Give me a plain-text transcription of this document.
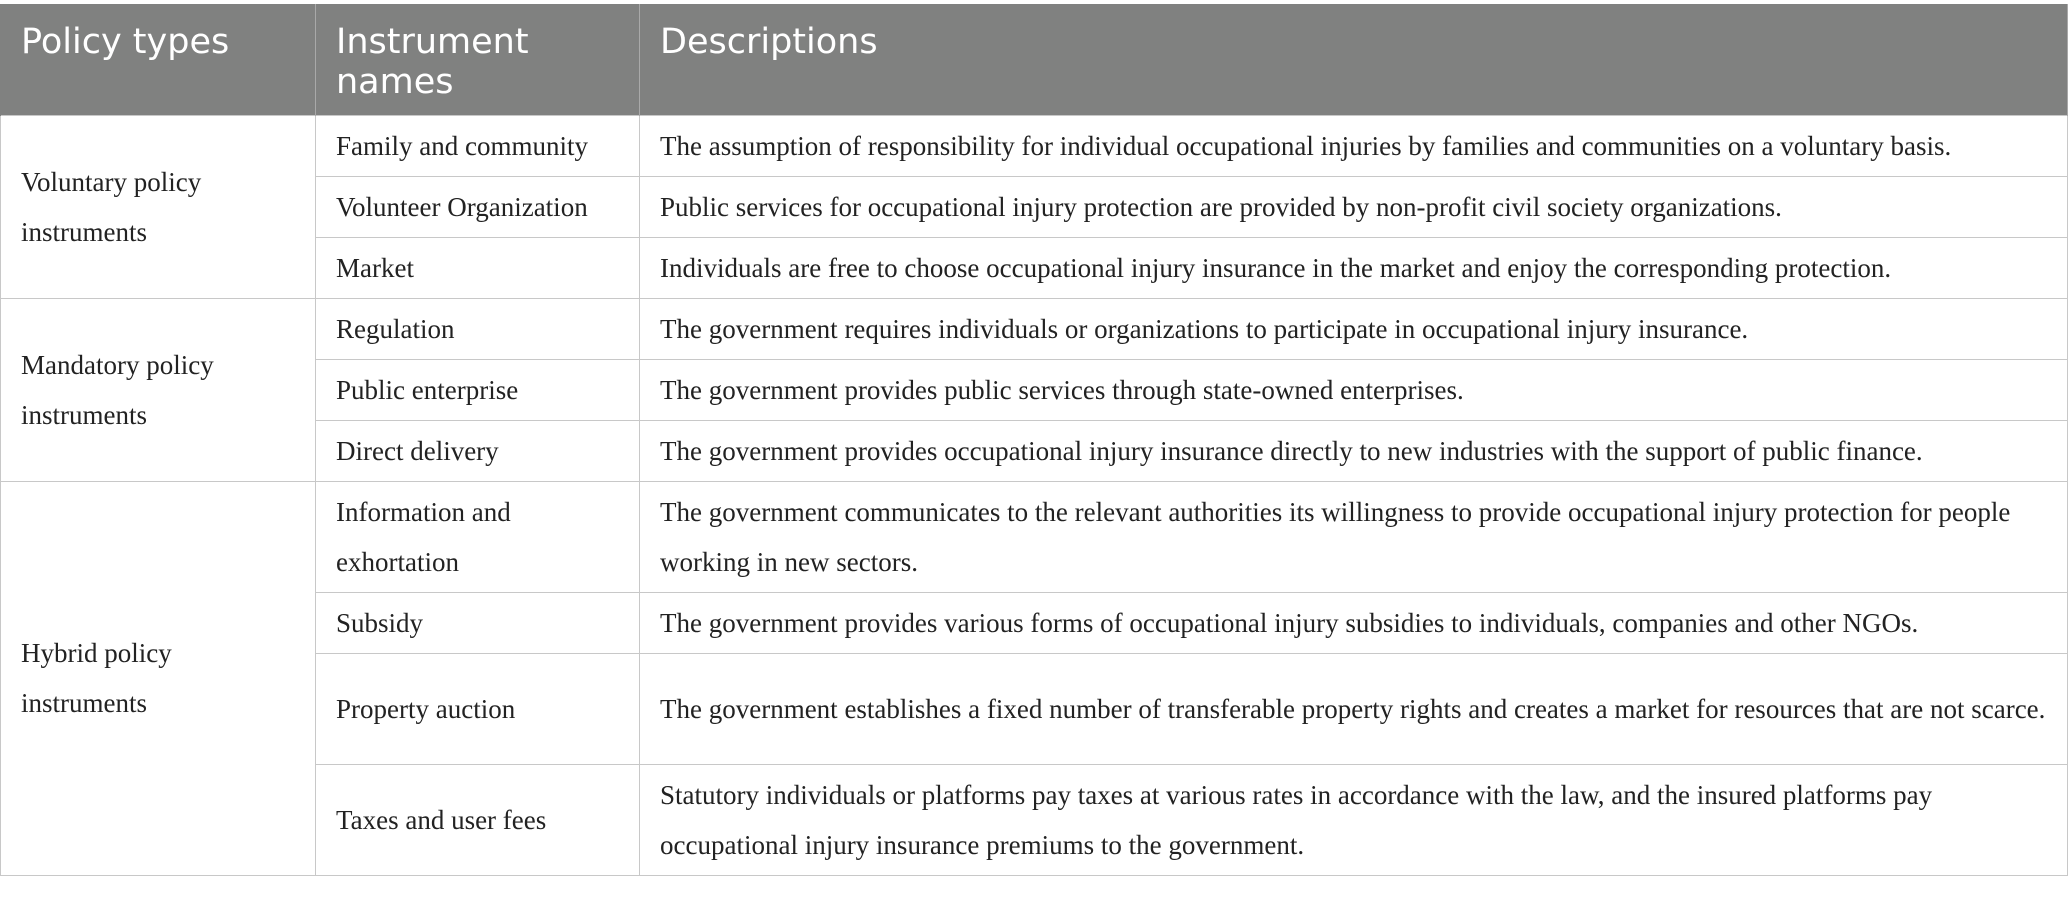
Policy types	Instrument names	Descriptions
Voluntary policy instruments	Family and community	The assumption of responsibility for individual occupational injuries by families and communities on a voluntary basis.
	Volunteer Organization	Public services for occupational injury protection are provided by non-profit civil society organizations.
	Market	Individuals are free to choose occupational injury insurance in the market and enjoy the corresponding protection.
Mandatory policy instruments	Regulation	The government requires individuals or organizations to participate in occupational injury insurance.
	Public enterprise	The government provides public services through state-owned enterprises.
	Direct delivery	The government provides occupational injury insurance directly to new industries with the support of public finance.
Hybrid policy instruments	Information and exhortation	The government communicates to the relevant authorities its willingness to provide occupational injury protection for people working in new sectors.
	Subsidy	The government provides various forms of occupational injury subsidies to individuals, companies and other NGOs.
	Property auction	The government establishes a fixed number of transferable property rights and creates a market for resources that are not scarce.
	Taxes and user fees	Statutory individuals or platforms pay taxes at various rates in accordance with the law, and the insured platforms pay occupational injury insurance premiums to the government.
